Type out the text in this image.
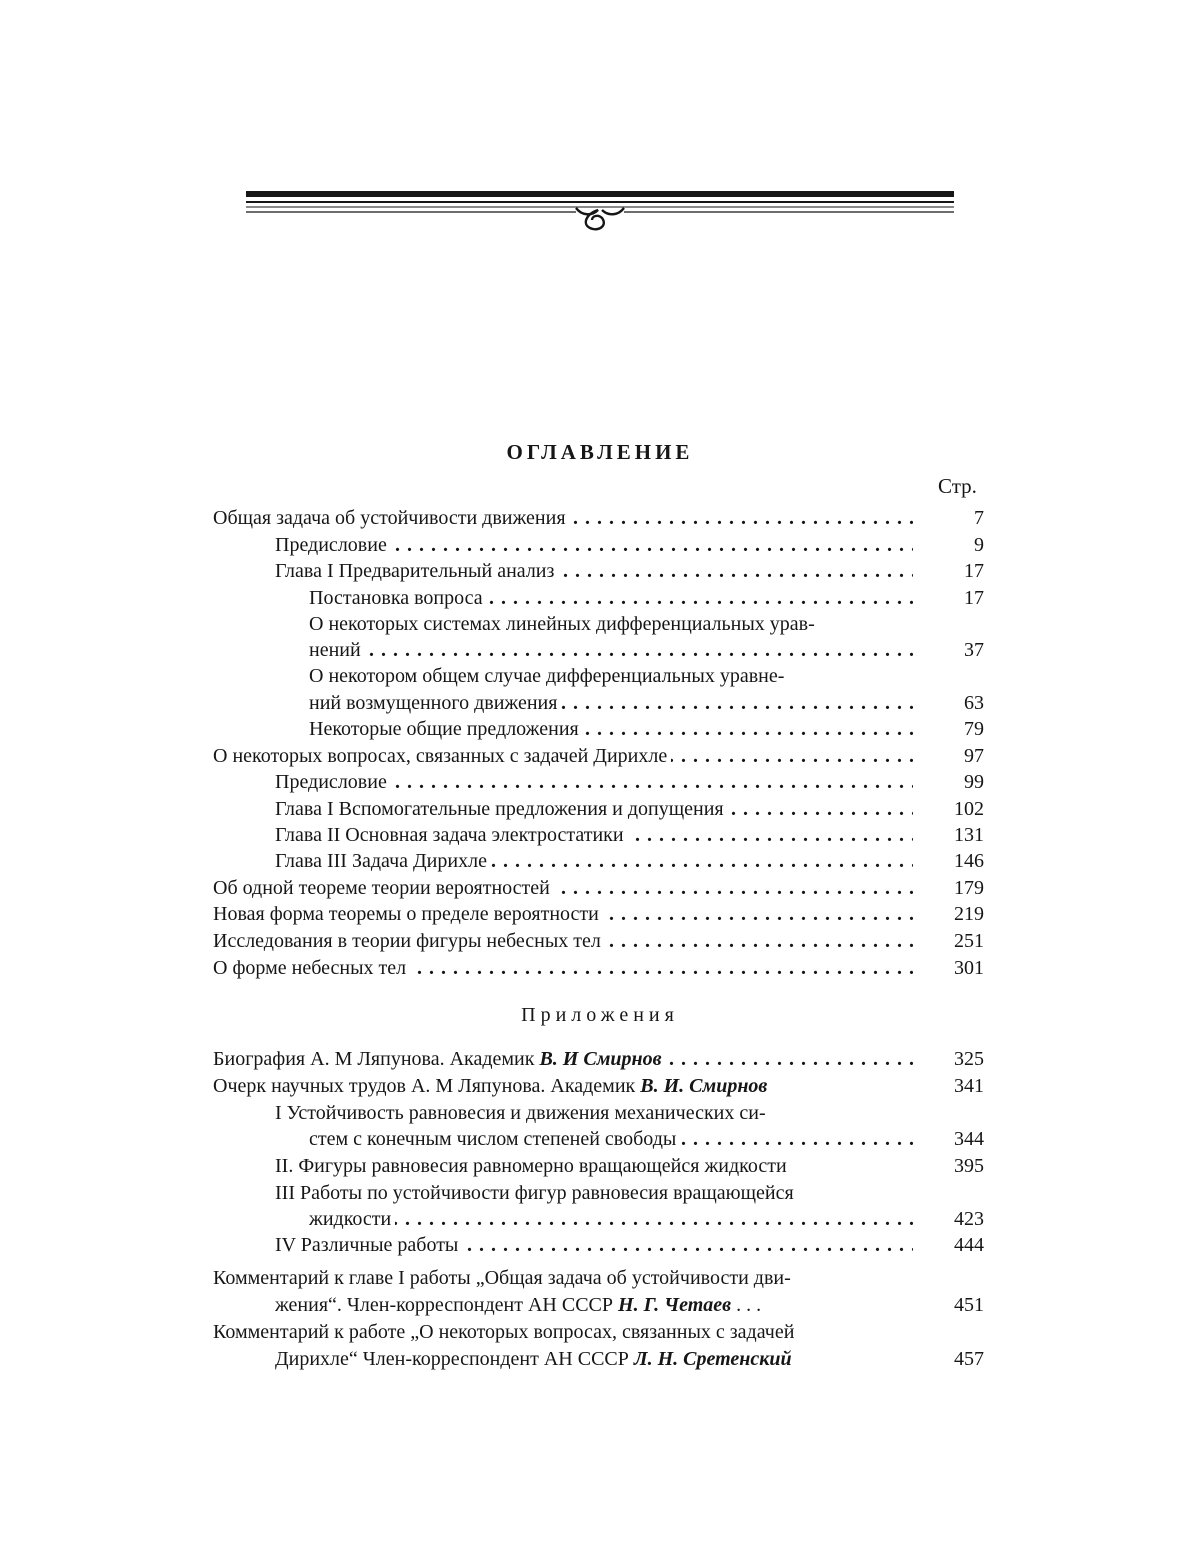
ОГЛАВЛЕНИЕ
Стр.
Общая задача об устойчивости движения . . .	7
Предисловие . . .	9
Глава I Предварительный анализ . . .	17
Постановка вопроса . . .	17
О некоторых системах линейных дифференциальных урав-
нений . . .	37
О некотором общем случае дифференциальных уравне-
ний возмущенного движения . . .	63
Некоторые общие предложения . . .	79
О некоторых вопросах, связанных с задачей Дирихле . . .	97
Предисловие . . .	99
Глава I Вспомогательные предложения и допущения . . .	102
Глава II Основная задача электростатики . . .	131
Глава III Задача Дирихле . . .	146
Об одной теореме теории вероятностей . . .	179
Новая форма теоремы о пределе вероятности . . .	219
Исследования в теории фигуры небесных тел . . .	251
О форме небесных тел . . .	301
Приложения
Биография А. М Ляпунова. Академик В. И Смирнов . . .	325
Очерк научных трудов А. М Ляпунова. Академик В. И. Смирнов	341
I Устойчивость равновесия и движения механических си-
стем с конечным числом степеней свободы . . .	344
II. Фигуры равновесия равномерно вращающейся жидкости	395
III Работы по устойчивости фигур равновесия вращающейся
жидкости . . .	423
IV Различные работы . . .	444
Комментарий к главе I работы „Общая задача об устойчивости дви-
жения“. Член-корреспондент АН СССР Н. Г. Четаев . . .	451
Комментарий к работе „О некоторых вопросах, связанных с задачей
Дирихле“ Член-корреспондент АН СССР Л. Н. Сретенский	457
